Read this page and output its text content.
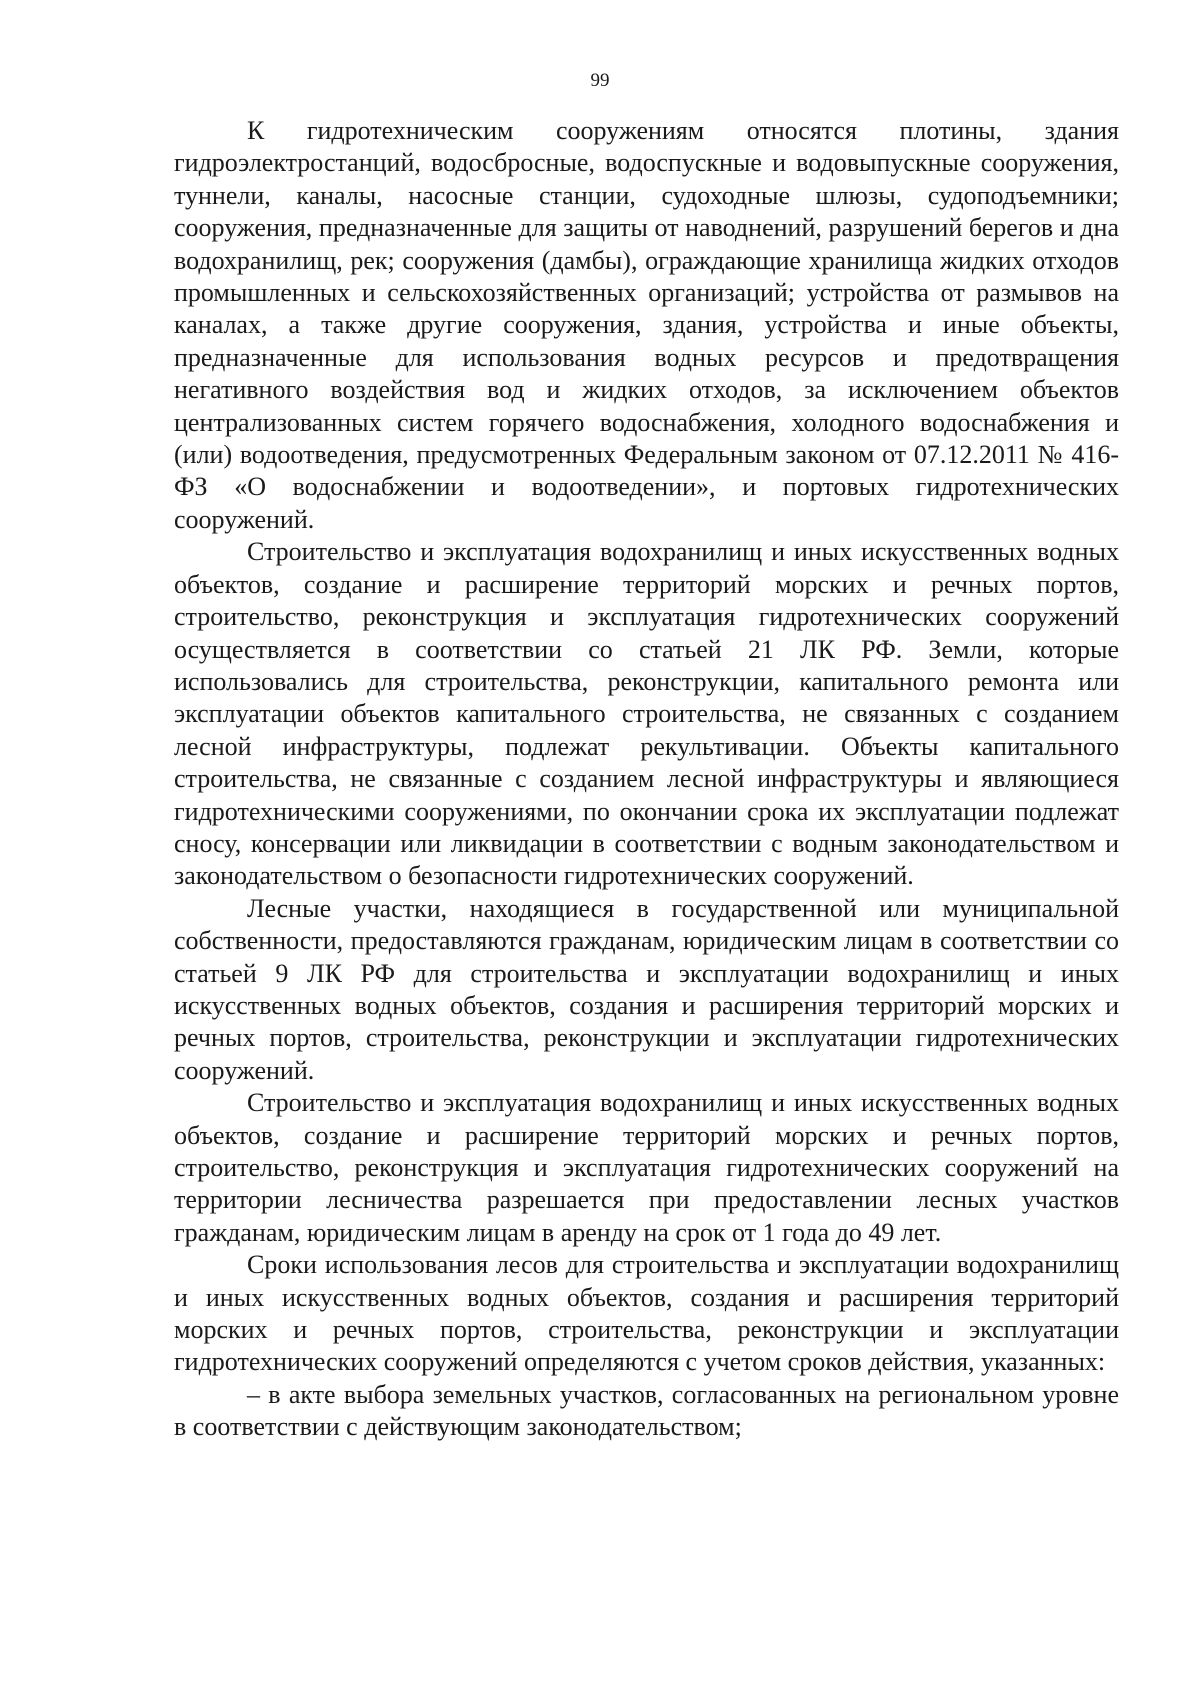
99

К гидротехническим сооружениям относятся плотины, здания гидроэлектростанций, водосбросные, водоспускные и водовыпускные сооружения, туннели, каналы, насосные станции, судоходные шлюзы, судоподъемники; сооружения, предназначенные для защиты от наводнений, разрушений берегов и дна водохранилищ, рек; сооружения (дамбы), ограждающие хранилища жидких отходов промышленных и сельскохозяйственных организаций; устройства от размывов на каналах, а также другие сооружения, здания, устройства и иные объекты, предназначенные для использования водных ресурсов и предотвращения негативного воздействия вод и жидких отходов, за исключением объектов централизованных систем горячего водоснабжения, холодного водоснабжения и (или) водоотведения, предусмотренных Федеральным законом от 07.12.2011 № 416-ФЗ «О водоснабжении и водоотведении», и портовых гидротехнических сооружений.

Строительство и эксплуатация водохранилищ и иных искусственных водных объектов, создание и расширение территорий морских и речных портов, строительство, реконструкция и эксплуатация гидротехнических сооружений осуществляется в соответствии со статьей 21 ЛК РФ. Земли, которые использовались для строительства, реконструкции, капитального ремонта или эксплуатации объектов капитального строительства, не связанных с созданием лесной инфраструктуры, подлежат рекультивации. Объекты капитального строительства, не связанные с созданием лесной инфраструктуры и являющиеся гидротехническими сооружениями, по окончании срока их эксплуатации подлежат сносу, консервации или ликвидации в соответствии с водным законодательством и законодательством о безопасности гидротехнических сооружений.

Лесные участки, находящиеся в государственной или муниципальной собственности, предоставляются гражданам, юридическим лицам в соответствии со статьей 9 ЛК РФ для строительства и эксплуатации водохранилищ и иных искусственных водных объектов, создания и расширения территорий морских и речных портов, строительства, реконструкции и эксплуатации гидротехнических сооружений.

Строительство и эксплуатация водохранилищ и иных искусственных водных объектов, создание и расширение территорий морских и речных портов, строительство, реконструкция и эксплуатация гидротехнических сооружений на территории лесничества разрешается при предоставлении лесных участков гражданам, юридическим лицам в аренду на срок от 1 года до 49 лет.

Сроки использования лесов для строительства и эксплуатации водохранилищ и иных искусственных водных объектов, создания и расширения территорий морских и речных портов, строительства, реконструкции и эксплуатации гидротехнических сооружений определяются с учетом сроков действия, указанных:

– в акте выбора земельных участков, согласованных на региональном уровне в соответствии с действующим законодательством;
